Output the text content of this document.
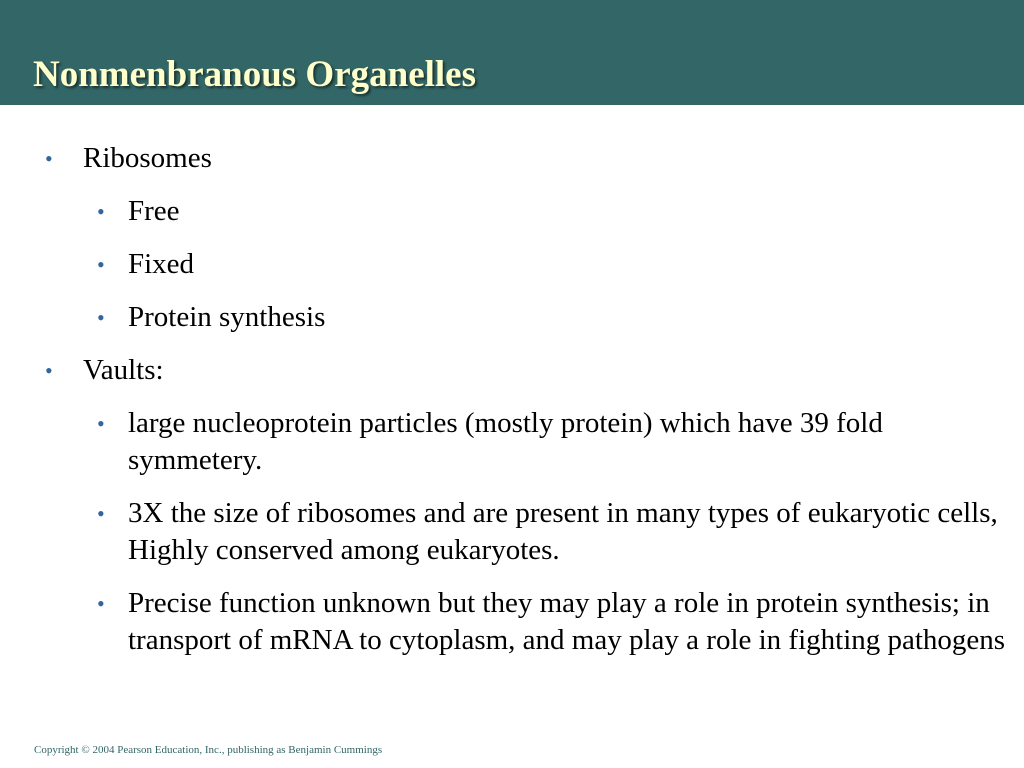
Nonmenbranous Organelles
• Ribosomes
• Free
• Fixed
• Protein synthesis
• Vaults:
• large nucleoprotein particles (mostly protein) which have 39 fold symmetery.
• 3X the size of ribosomes and are present in many types of eukaryotic cells, Highly conserved among eukaryotes.
• Precise function unknown but they may play a role in protein synthesis; in transport of mRNA to cytoplasm, and may play a role in fighting pathogens
Copyright © 2004 Pearson Education, Inc., publishing as Benjamin Cummings
